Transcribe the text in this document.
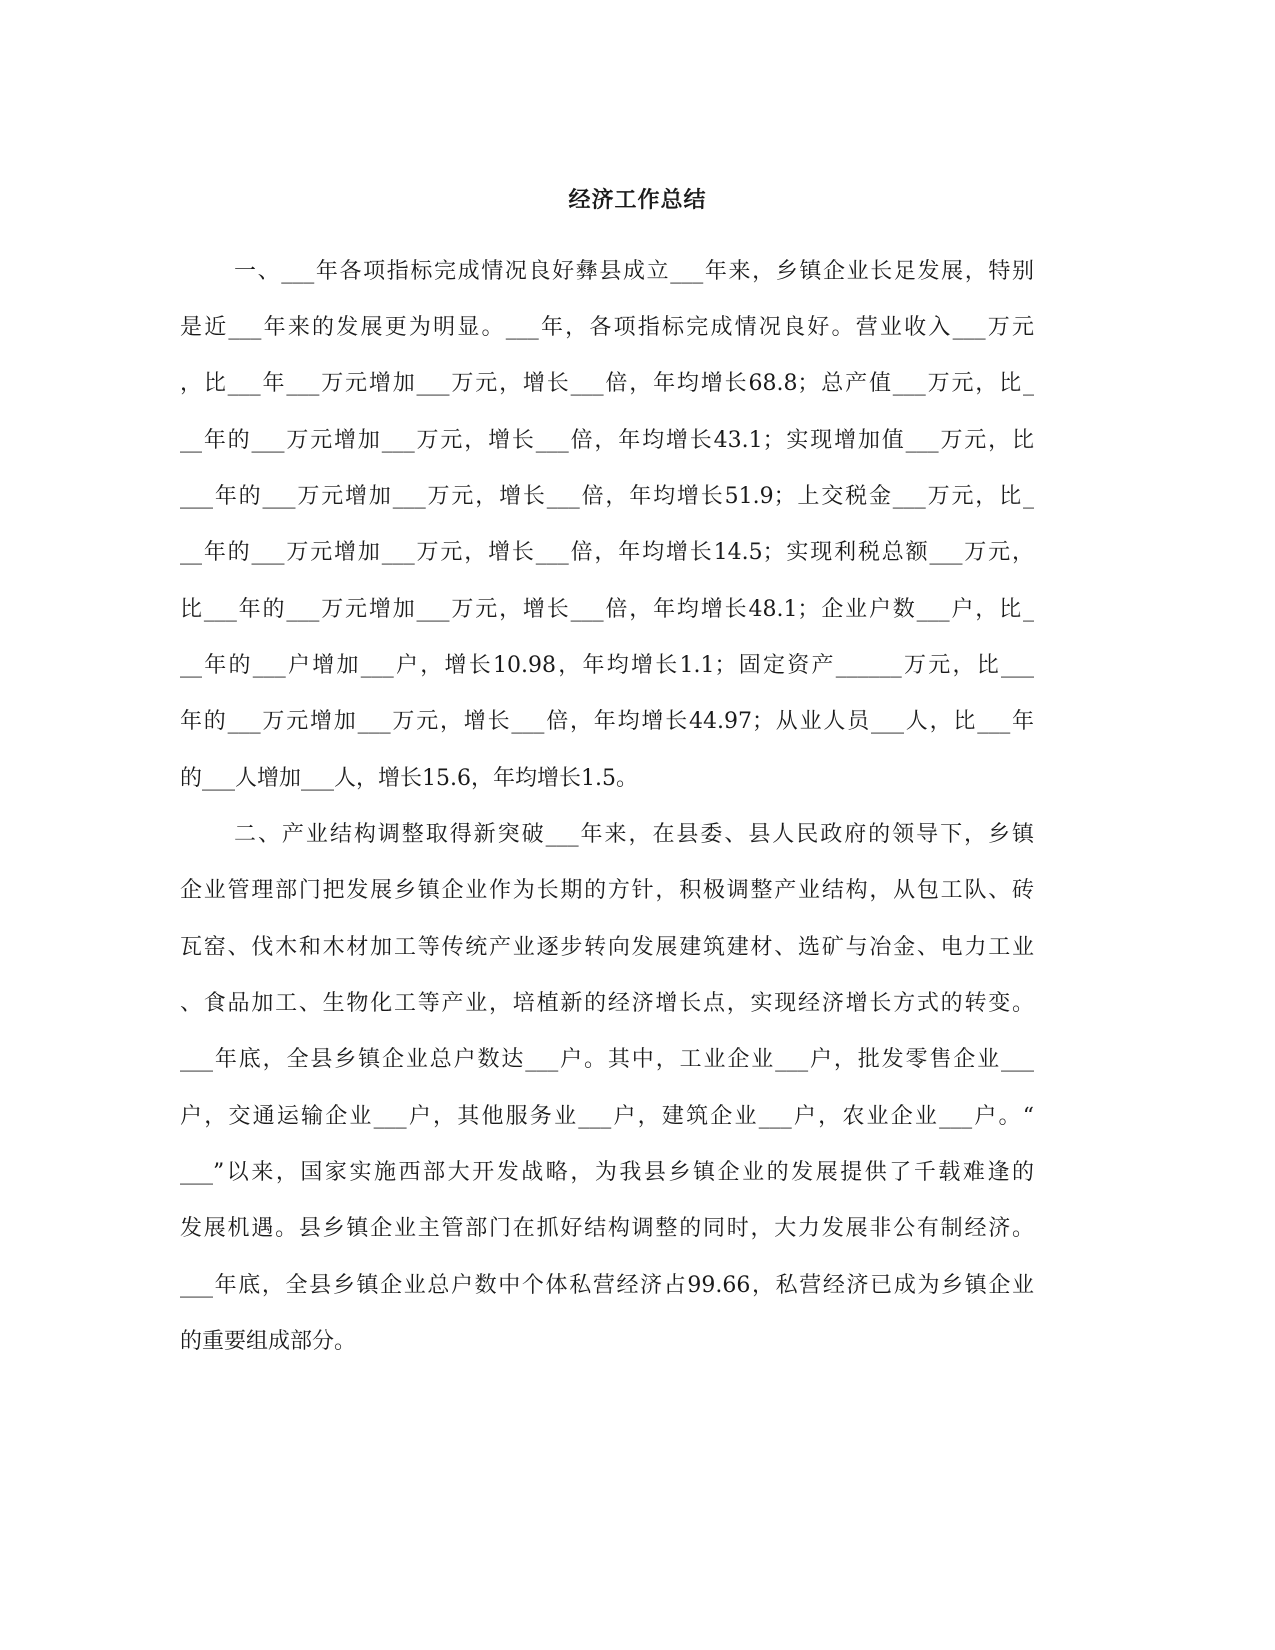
经济工作总结

一、___年各项指标完成情况良好彝县成立___年来，乡镇企业长足发展，特别

是近___年来的发展更为明显。___年，各项指标完成情况良好。营业收入___万元

，比___年___万元增加___万元，增长___倍，年均增长68.8；总产值___万元，比_

__年的___万元增加___万元，增长___倍，年均增长43.1；实现增加值___万元，比

___年的___万元增加___万元，增长___倍，年均增长51.9；上交税金___万元，比_

__年的___万元增加___万元，增长___倍，年均增长14.5；实现利税总额___万元，

比___年的___万元增加___万元，增长___倍，年均增长48.1；企业户数___户，比_

__年的___户增加___户，增长10.98，年均增长1.1；固定资产______万元，比___

年的___万元增加___万元，增长___倍，年均增长44.97；从业人员___人，比___年

的___人增加___人，增长15.6，年均增长1.5。

二、产业结构调整取得新突破___年来，在县委、县人民政府的领导下，乡镇

企业管理部门把发展乡镇企业作为长期的方针，积极调整产业结构，从包工队、砖

瓦窑、伐木和木材加工等传统产业逐步转向发展建筑建材、选矿与冶金、电力工业

、食品加工、生物化工等产业，培植新的经济增长点，实现经济增长方式的转变。

___年底，全县乡镇企业总户数达___户。其中，工业企业___户，批发零售企业___

户，交通运输企业___户，其他服务业___户，建筑企业___户，农业企业___户。“

___”以来，国家实施西部大开发战略，为我县乡镇企业的发展提供了千载难逢的

发展机遇。县乡镇企业主管部门在抓好结构调整的同时，大力发展非公有制经济。

___年底，全县乡镇企业总户数中个体私营经济占99.66，私营经济已成为乡镇企业

的重要组成部分。
